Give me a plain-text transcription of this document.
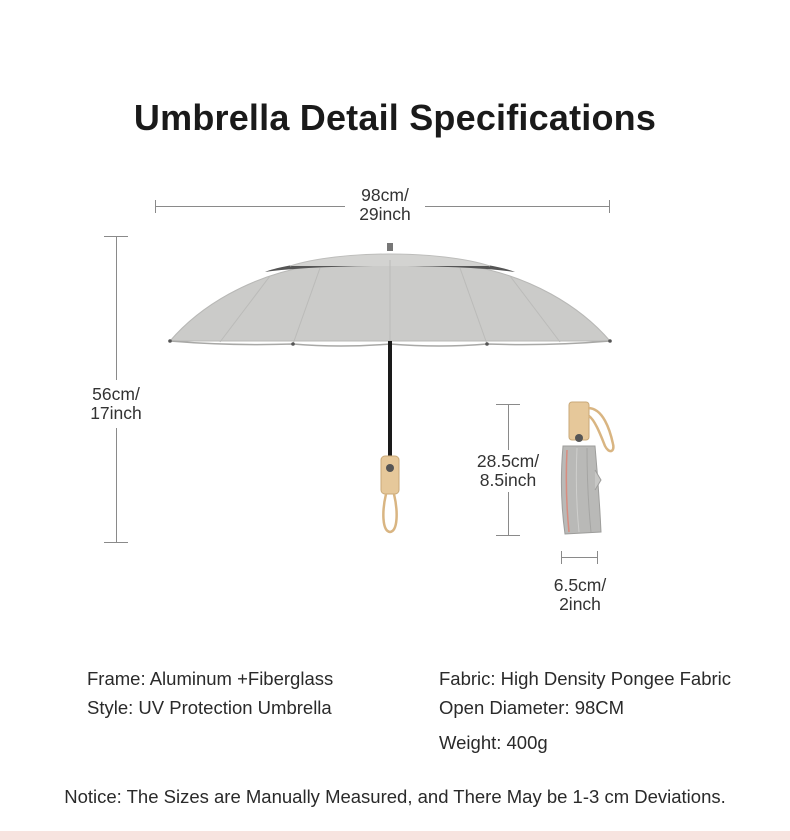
Umbrella Detail Specifications
98cm/
29inch
56cm/
17inch
28.5cm/
8.5inch
6.5cm/
2inch
Frame: Aluminum +Fiberglass
Style: UV Protection Umbrella
Fabric: High Density Pongee Fabric
Open Diameter: 98CM
Weight: 400g
Notice: The Sizes are Manually Measured, and There May be 1-3 cm Deviations.
